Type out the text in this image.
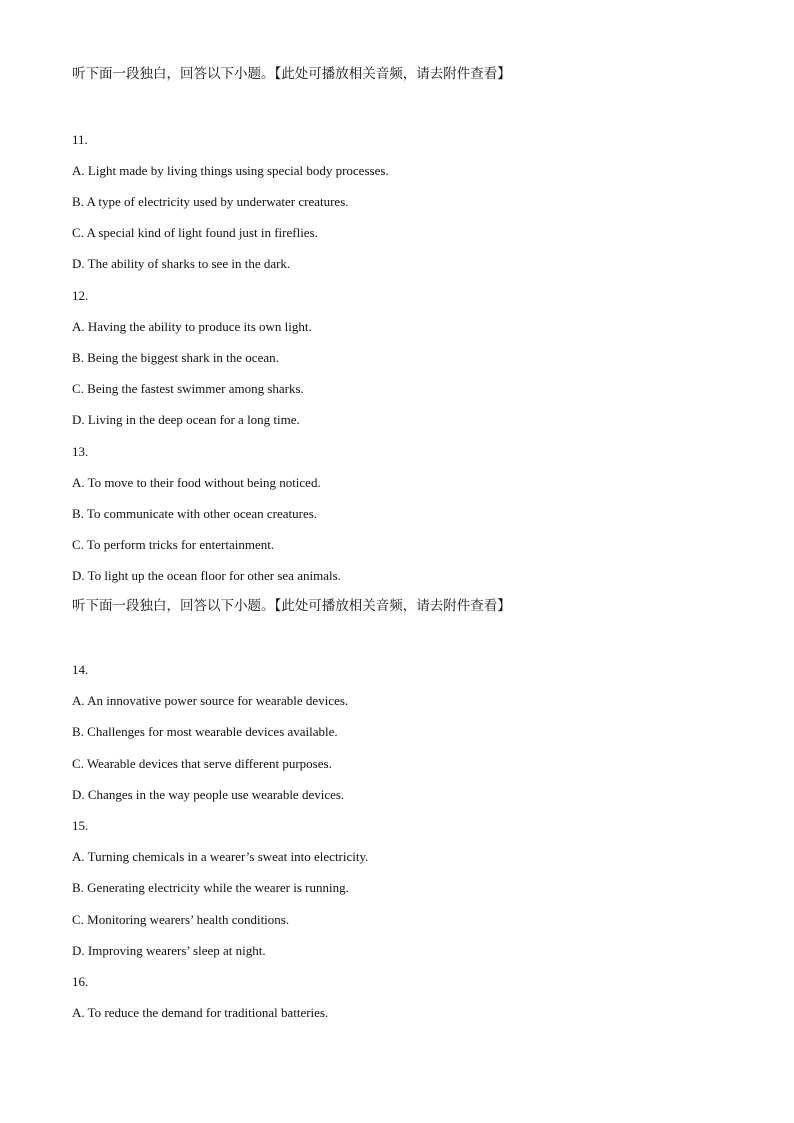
听下面一段独白，回答以下小题。【此处可播放相关音频，请去附件查看】
11.
A. Light made by living things using special body processes.
B. A type of electricity used by underwater creatures.
C. A special kind of light found just in fireflies.
D. The ability of sharks to see in the dark.
12.
A. Having the ability to produce its own light.
B. Being the biggest shark in the ocean.
C. Being the fastest swimmer among sharks.
D. Living in the deep ocean for a long time.
13.
A. To move to their food without being noticed.
B. To communicate with other ocean creatures.
C. To perform tricks for entertainment.
D. To light up the ocean floor for other sea animals.
听下面一段独白，回答以下小题。【此处可播放相关音频，请去附件查看】
14.
A. An innovative power source for wearable devices.
B. Challenges for most wearable devices available.
C. Wearable devices that serve different purposes.
D. Changes in the way people use wearable devices.
15.
A. Turning chemicals in a wearer’s sweat into electricity.
B. Generating electricity while the wearer is running.
C. Monitoring wearers’ health conditions.
D. Improving wearers’ sleep at night.
16.
A. To reduce the demand for traditional batteries.
